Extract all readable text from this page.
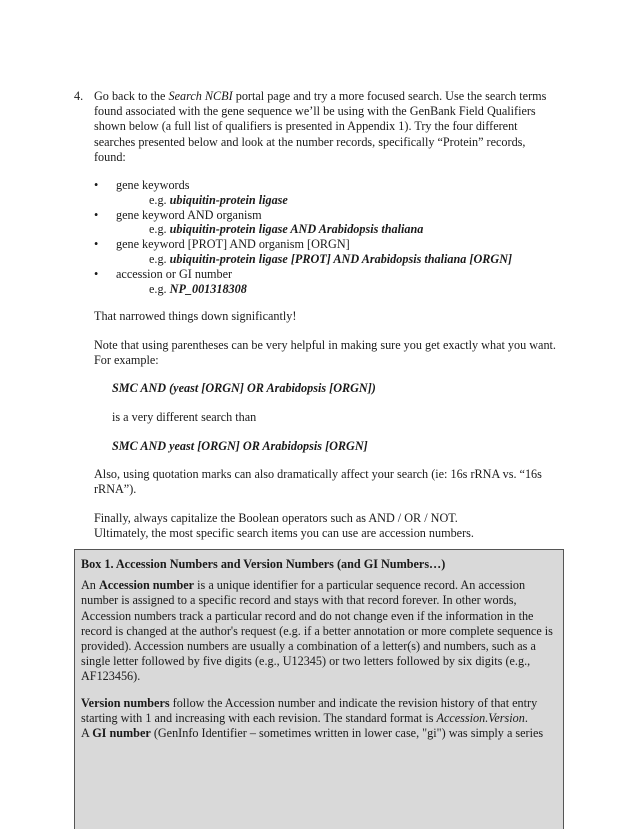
4. Go back to the Search NCBI portal page and try a more focused search. Use the search terms found associated with the gene sequence we’ll be using with the GenBank Field Qualifiers shown below (a full list of qualifiers is presented in Appendix 1). Try the four different searches presented below and look at the number records, specifically “Protein” records, found:
• gene keywords
e.g. ubiquitin-protein ligase
• gene keyword AND organism
e.g. ubiquitin-protein ligase AND Arabidopsis thaliana
• gene keyword [PROT] AND organism [ORGN]
e.g. ubiquitin-protein ligase [PROT] AND Arabidopsis thaliana [ORGN]
• accession or GI number
e.g. NP_001318308
That narrowed things down significantly!
Note that using parentheses can be very helpful in making sure you get exactly what you want. For example:
SMC AND (yeast [ORGN] OR Arabidopsis [ORGN])
is a very different search than
SMC AND yeast [ORGN] OR Arabidopsis [ORGN]
Also, using quotation marks can also dramatically affect your search (ie: 16s rRNA vs. “16s rRNA”).
Finally, always capitalize the Boolean operators such as AND / OR / NOT.
Ultimately, the most specific search items you can use are accession numbers.
Box 1. Accession Numbers and Version Numbers (and GI Numbers…)

An Accession number is a unique identifier for a particular sequence record. An accession number is assigned to a specific record and stays with that record forever. In other words, Accession numbers track a particular record and do not change even if the information in the record is changed at the author's request (e.g. if a better annotation or more complete sequence is provided). Accession numbers are usually a combination of a letter(s) and numbers, such as a single letter followed by five digits (e.g., U12345) or two letters followed by six digits (e.g., AF123456).

Version numbers follow the Accession number and indicate the revision history of that entry starting with 1 and increasing with each revision. The standard format is Accession.Version.

A GI number (GenInfo Identifier – sometimes written in lower case, "gi") was simply a series
